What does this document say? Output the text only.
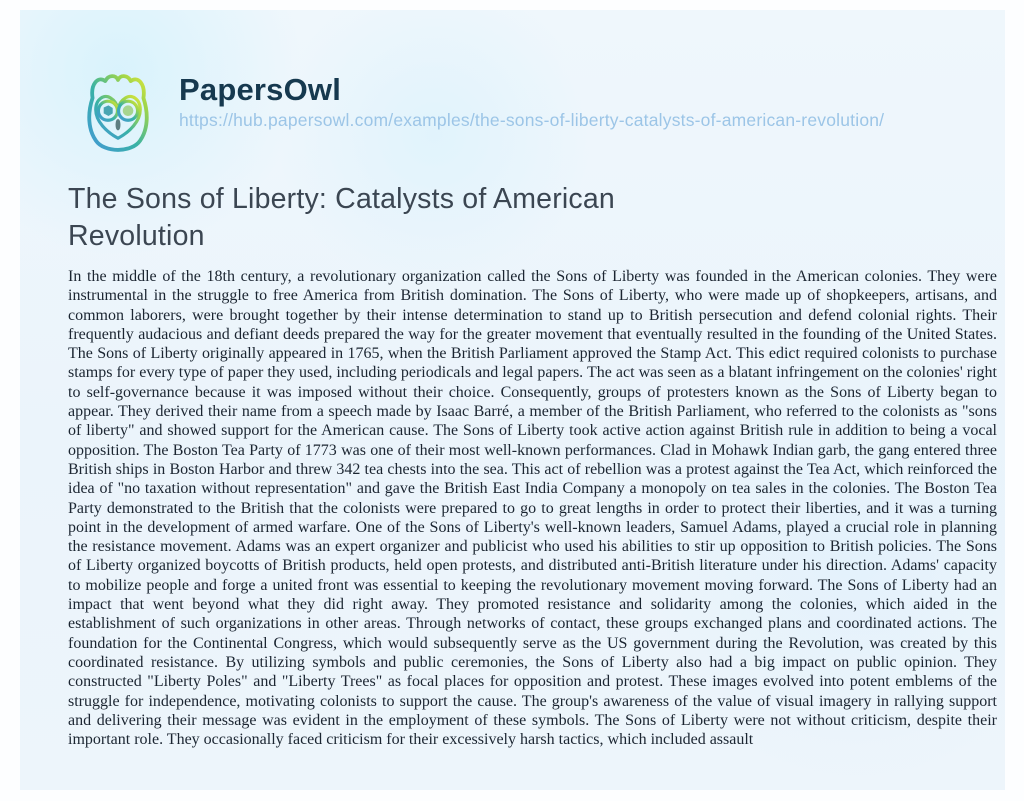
PapersOwl
https://hub.papersowl.com/examples/the-sons-of-liberty-catalysts-of-american-revolution/
The Sons of Liberty: Catalysts of American Revolution
In the middle of the 18th century, a revolutionary organization called the Sons of Liberty was founded in the American colonies. They were instrumental in the struggle to free America from British domination. The Sons of Liberty, who were made up of shopkeepers, artisans, and common laborers, were brought together by their intense determination to stand up to British persecution and defend colonial rights. Their frequently audacious and defiant deeds prepared the way for the greater movement that eventually resulted in the founding of the United States. The Sons of Liberty originally appeared in 1765, when the British Parliament approved the Stamp Act. This edict required colonists to purchase stamps for every type of paper they used, including periodicals and legal papers. The act was seen as a blatant infringement on the colonies' right to self-governance because it was imposed without their choice. Consequently, groups of protesters known as the Sons of Liberty began to appear. They derived their name from a speech made by Isaac Barré, a member of the British Parliament, who referred to the colonists as "sons of liberty" and showed support for the American cause. The Sons of Liberty took active action against British rule in addition to being a vocal opposition. The Boston Tea Party of 1773 was one of their most well-known performances. Clad in Mohawk Indian garb, the gang entered three British ships in Boston Harbor and threw 342 tea chests into the sea. This act of rebellion was a protest against the Tea Act, which reinforced the idea of "no taxation without representation" and gave the British East India Company a monopoly on tea sales in the colonies. The Boston Tea Party demonstrated to the British that the colonists were prepared to go to great lengths in order to protect their liberties, and it was a turning point in the development of armed warfare. One of the Sons of Liberty's well-known leaders, Samuel Adams, played a crucial role in planning the resistance movement. Adams was an expert organizer and publicist who used his abilities to stir up opposition to British policies. The Sons of Liberty organized boycotts of British products, held open protests, and distributed anti-British literature under his direction. Adams' capacity to mobilize people and forge a united front was essential to keeping the revolutionary movement moving forward. The Sons of Liberty had an impact that went beyond what they did right away. They promoted resistance and solidarity among the colonies, which aided in the establishment of such organizations in other areas. Through networks of contact, these groups exchanged plans and coordinated actions. The foundation for the Continental Congress, which would subsequently serve as the US government during the Revolution, was created by this coordinated resistance. By utilizing symbols and public ceremonies, the Sons of Liberty also had a big impact on public opinion. They constructed "Liberty Poles" and "Liberty Trees" as focal places for opposition and protest. These images evolved into potent emblems of the struggle for independence, motivating colonists to support the cause. The group's awareness of the value of visual imagery in rallying support and delivering their message was evident in the employment of these symbols. The Sons of Liberty were not without criticism, despite their important role. They occasionally faced criticism for their excessively harsh tactics, which included assault
